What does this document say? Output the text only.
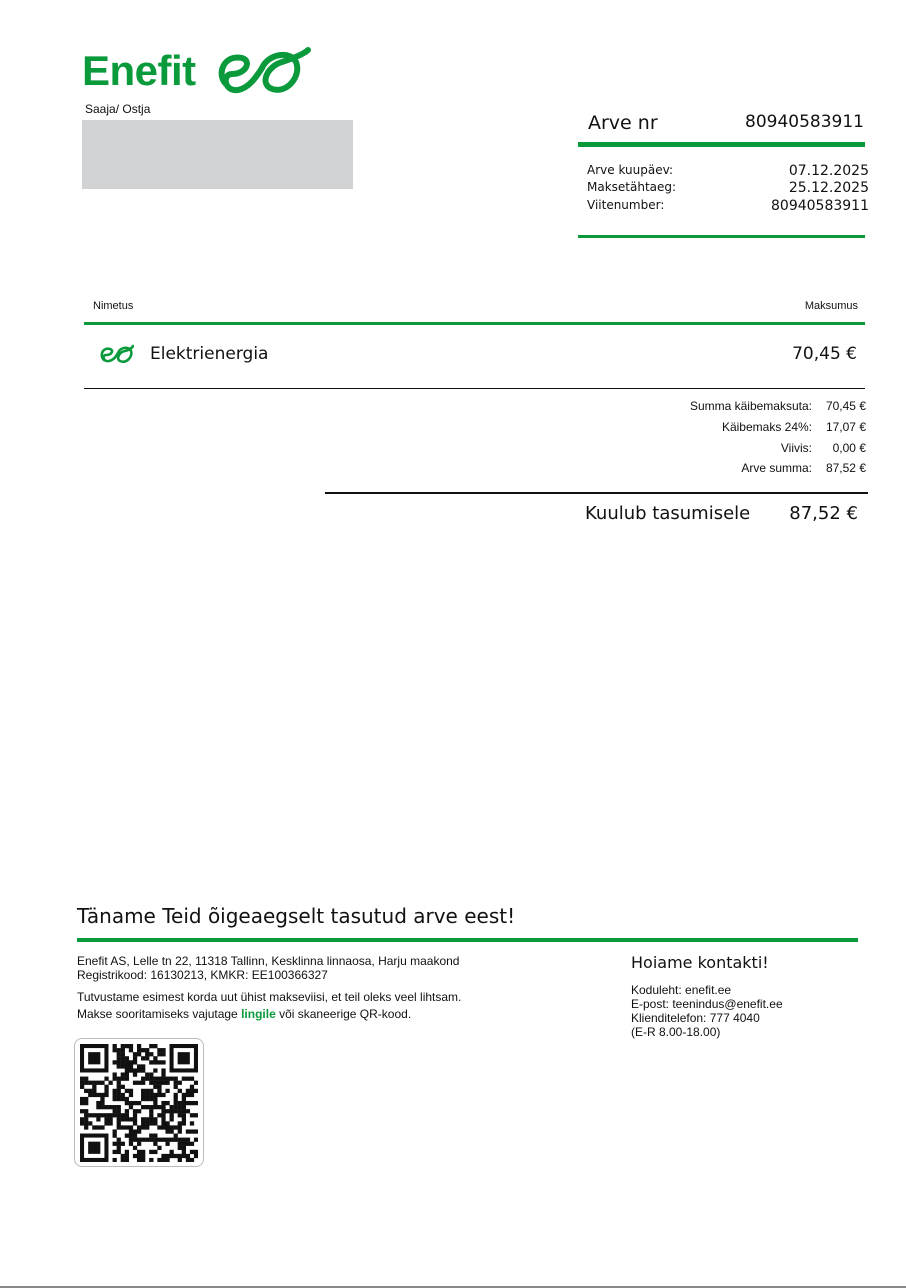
Enefit
Saaja/ Ostja
Arve nr	80940583911
Arve kuupäev:	07.12.2025
Maksetähtaeg:	25.12.2025
Viitenumber:	80940583911
Nimetus	Maksumus
Elektrienergia	70,45 €
Summa käibemaksuta: 70,45 €
Käibemaks 24%: 17,07 €
Viivis: 0,00 €
Arve summa: 87,52 €
Kuulub tasumisele 87,52 €
Täname Teid õigeaegselt tasutud arve eest!
Enefit AS, Lelle tn 22, 11318 Tallinn, Kesklinna linnaosa, Harju maakond
Registrikood: 16130213, KMKR: EE100366327
Tutvustame esimest korda uut ühist makseviisi, et teil oleks veel lihtsam.
Makse sooritamiseks vajutage lingile või skaneerige QR-kood.
Hoiame kontakti!
Koduleht: enefit.ee
E-post: teenindus@enefit.ee
Klienditelefon: 777 4040
(E-R 8.00-18.00)
